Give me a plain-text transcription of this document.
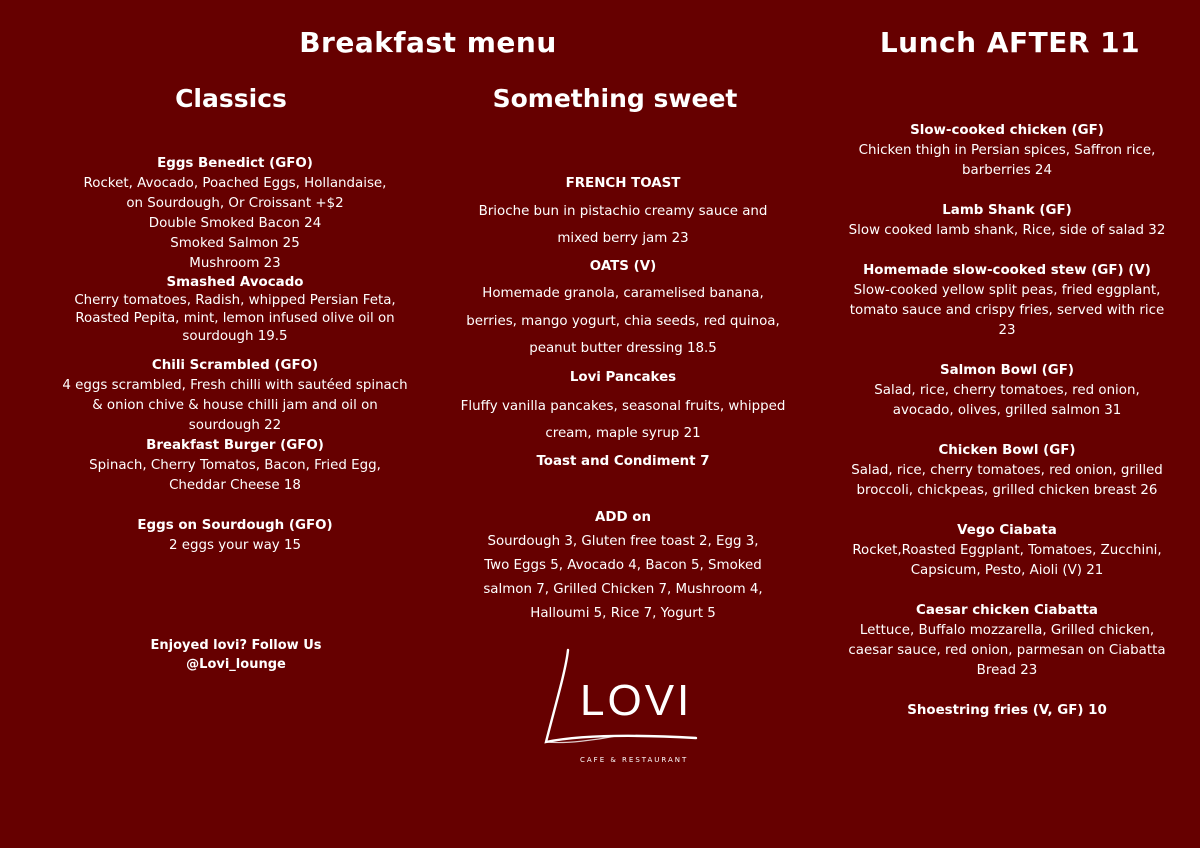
Breakfast menu	Lunch AFTER 11
Classics	Something sweet

Eggs Benedict (GFO)

Rocket, Avocado, Poached Eggs, Hollandaise,

on Sourdough, Or Croissant +$2

Double Smoked Bacon 24

Smoked Salmon 25

Mushroom 23

Smashed Avocado

Cherry tomatoes, Radish, whipped Persian Feta,

Roasted Pepita, mint, lemon infused olive oil on

sourdough 19.5

Chili Scrambled (GFO)

4 eggs scrambled, Fresh chilli with sautéed spinach

& onion chive & house chilli jam and oil on

sourdough 22

Breakfast Burger (GFO)

Spinach, Cherry Tomatos, Bacon, Fried Egg,

Cheddar Cheese 18

Eggs on Sourdough (GFO)

2 eggs your way 15

Enjoyed lovi? Follow Us
@Lovi_lounge

FRENCH TOAST

Brioche bun in pistachio creamy sauce and

mixed berry jam 23

OATS (V)

Homemade granola, caramelised banana,

berries, mango yogurt, chia seeds, red quinoa,

peanut butter dressing 18.5

Lovi Pancakes

Fluffy vanilla pancakes, seasonal fruits, whipped

cream, maple syrup 21

Toast and Condiment 7

ADD on

Sourdough 3, Gluten free toast 2, Egg 3,

Two Eggs 5, Avocado 4, Bacon 5, Smoked

salmon 7, Grilled Chicken 7, Mushroom 4,

Halloumi 5, Rice 7, Yogurt 5

LOVI
CAFE & RESTAURANT

Slow-cooked chicken (GF)

Chicken thigh in Persian spices, Saffron rice,

barberries 24

Lamb Shank (GF)

Slow cooked lamb shank, Rice, side of salad 32

Homemade slow-cooked stew (GF) (V)

Slow-cooked yellow split peas, fried eggplant,

tomato sauce and crispy fries, served with rice

23

Salmon Bowl (GF)

Salad, rice, cherry tomatoes, red onion,

avocado, olives, grilled salmon 31

Chicken Bowl (GF)

Salad, rice, cherry tomatoes, red onion, grilled

broccoli, chickpeas, grilled chicken breast 26

Vego Ciabata

Rocket,Roasted Eggplant, Tomatoes, Zucchini,

Capsicum, Pesto, Aioli (V) 21

Caesar chicken Ciabatta

Lettuce, Buffalo mozzarella, Grilled chicken,

caesar sauce, red onion, parmesan on Ciabatta

Bread 23

Shoestring fries (V, GF) 10
